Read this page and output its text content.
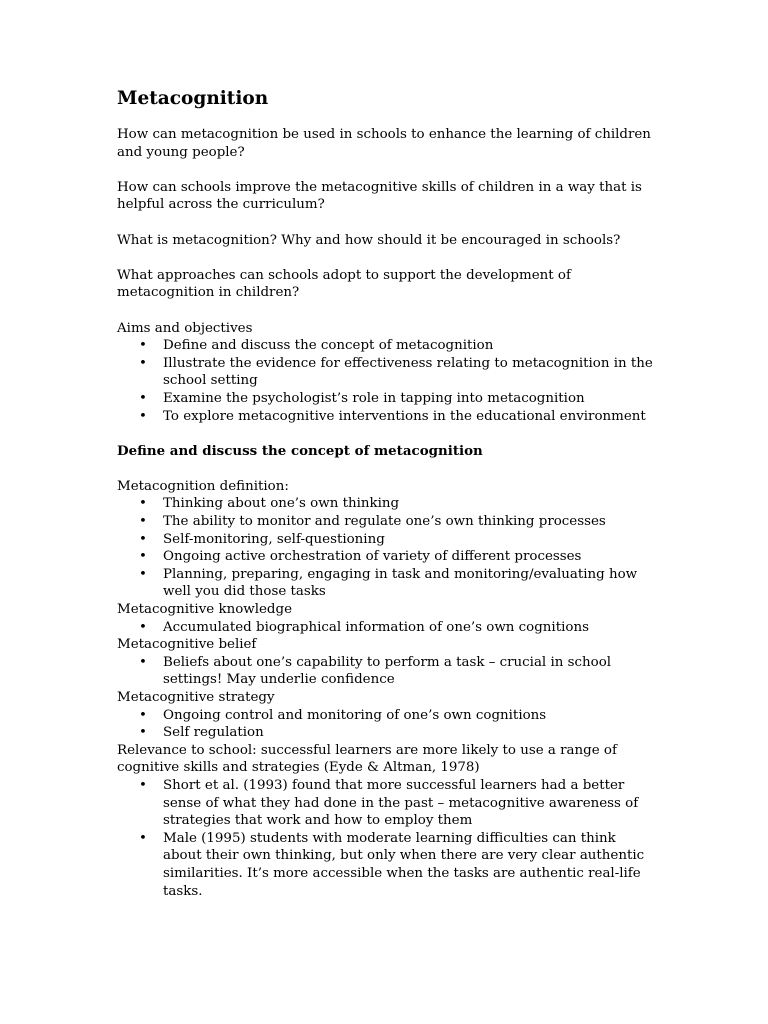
Metacognition

How can metacognition be used in schools to enhance the learning of children and young people?

How can schools improve the metacognitive skills of children in a way that is helpful across the curriculum?

What is metacognition? Why and how should it be encouraged in schools?

What approaches can schools adopt to support the development of metacognition in children?

Aims and objectives
• Define and discuss the concept of metacognition
• Illustrate the evidence for effectiveness relating to metacognition in the school setting
• Examine the psychologist’s role in tapping into metacognition
• To explore metacognitive interventions in the educational environment
Define and discuss the concept of metacognition
Metacognition definition:
• Thinking about one’s own thinking
• The ability to monitor and regulate one’s own thinking processes
• Self-monitoring, self-questioning
• Ongoing active orchestration of variety of different processes
• Planning, preparing, engaging in task and monitoring/evaluating how well you did those tasks
Metacognitive knowledge
• Accumulated biographical information of one’s own cognitions
Metacognitive belief
• Beliefs about one’s capability to perform a task – crucial in school settings! May underlie confidence
Metacognitive strategy
• Ongoing control and monitoring of one’s own cognitions
• Self regulation
Relevance to school: successful learners are more likely to use a range of cognitive skills and strategies (Eyde & Altman, 1978)
• Short et al. (1993) found that more successful learners had a better sense of what they had done in the past – metacognitive awareness of strategies that work and how to employ them
• Male (1995) students with moderate learning difficulties can think about their own thinking, but only when there are very clear authentic similarities. It’s more accessible when the tasks are authentic real-life tasks.
